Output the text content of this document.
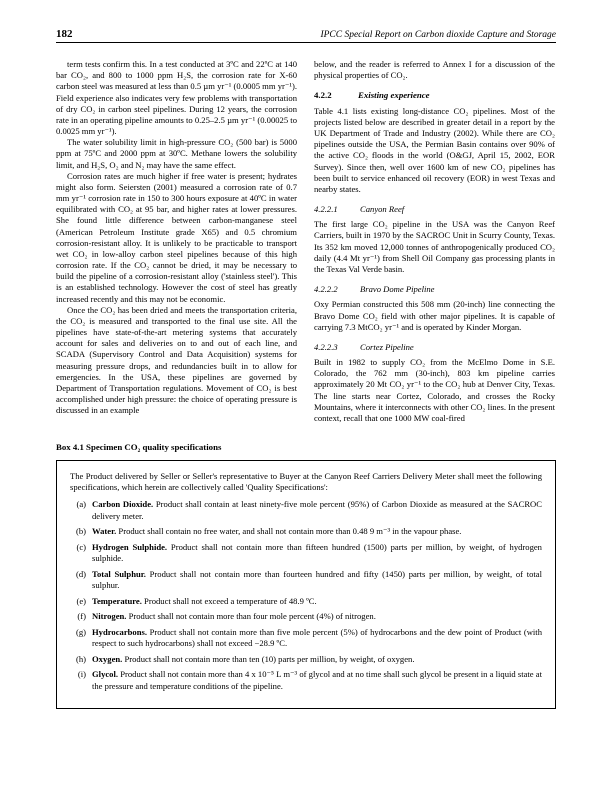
182	IPCC Special Report on Carbon dioxide Capture and Storage

term tests confirm this. In a test conducted at 3ºC and 22ºC at 140 bar CO₂, and 800 to 1000 ppm H₂S, the corrosion rate for X-60 carbon steel was measured at less than 0.5 µm yr⁻¹ (0.0005 mm yr⁻¹). Field experience also indicates very few problems with transportation of dry CO₂ in carbon steel pipelines. During 12 years, the corrosion rate in an operating pipeline amounts to 0.25–2.5 µm yr⁻¹ (0.00025 to 0.0025 mm yr⁻¹).

The water solubility limit in high-pressure CO₂ (500 bar) is 5000 ppm at 75ºC and 2000 ppm at 30ºC. Methane lowers the solubility limit, and H₂S, O₂ and N₂ may have the same effect.

Corrosion rates are much higher if free water is present; hydrates might also form. Seiersten (2001) measured a corrosion rate of 0.7 mm yr⁻¹ corrosion rate in 150 to 300 hours exposure at 40ºC in water equilibrated with CO₂ at 95 bar, and higher rates at lower pressures. She found little difference between carbon-manganese steel (American Petroleum Institute grade X65) and 0.5 chromium corrosion-resistant alloy. It is unlikely to be practicable to transport wet CO₂ in low-alloy carbon steel pipelines because of this high corrosion rate. If the CO₂ cannot be dried, it may be necessary to build the pipeline of a corrosion-resistant alloy ('stainless steel'). This is an established technology. However the cost of steel has greatly increased recently and this may not be economic.

Once the CO₂ has been dried and meets the transportation criteria, the CO₂ is measured and transported to the final use site. All the pipelines have state-of-the-art metering systems that accurately account for sales and deliveries on to and out of each line, and SCADA (Supervisory Control and Data Acquisition) systems for measuring pressure drops, and redundancies built in to allow for emergencies. In the USA, these pipelines are governed by Department of Transportation regulations. Movement of CO₂ is best accomplished under high pressure: the choice of operating pressure is discussed in an example

below, and the reader is referred to Annex I for a discussion of the physical properties of CO₂.

4.2.2	Existing experience

Table 4.1 lists existing long-distance CO₂ pipelines. Most of the projects listed below are described in greater detail in a report by the UK Department of Trade and Industry (2002). While there are CO₂ pipelines outside the USA, the Permian Basin contains over 90% of the active CO₂ floods in the world (O&GJ, April 15, 2002, EOR Survey). Since then, well over 1600 km of new CO₂ pipelines has been built to service enhanced oil recovery (EOR) in west Texas and nearby states.

4.2.2.1	Canyon Reef

The first large CO₂ pipeline in the USA was the Canyon Reef Carriers, built in 1970 by the SACROC Unit in Scurry County, Texas. Its 352 km moved 12,000 tonnes of anthropogenically produced CO₂ daily (4.4 Mt yr⁻¹) from Shell Oil Company gas processing plants in the Texas Val Verde basin.

4.2.2.2	Bravo Dome Pipeline

Oxy Permian constructed this 508 mm (20-inch) line connecting the Bravo Dome CO₂ field with other major pipelines. It is capable of carrying 7.3 MtCO₂ yr⁻¹ and is operated by Kinder Morgan.

4.2.2.3	Cortez Pipeline

Built in 1982 to supply CO₂ from the McElmo Dome in S.E. Colorado, the 762 mm (30-inch), 803 km pipeline carries approximately 20 Mt CO₂ yr⁻¹ to the CO₂ hub at Denver City, Texas. The line starts near Cortez, Colorado, and crosses the Rocky Mountains, where it interconnects with other CO₂ lines. In the present context, recall that one 1000 MW coal-fired

Box 4.1 Specimen CO₂ quality specifications

The Product delivered by Seller or Seller's representative to Buyer at the Canyon Reef Carriers Delivery Meter shall meet the following specifications, which herein are collectively called 'Quality Specifications':

(a) Carbon Dioxide. Product shall contain at least ninety-five mole percent (95%) of Carbon Dioxide as measured at the SACROC delivery meter.
(b) Water. Product shall contain no free water, and shall not contain more than 0.48 9 m⁻³ in the vapour phase.
(c) Hydrogen Sulphide. Product shall not contain more than fifteen hundred (1500) parts per million, by weight, of hydrogen sulphide.
(d) Total Sulphur. Product shall not contain more than fourteen hundred and fifty (1450) parts per million, by weight, of total sulphur.
(e) Temperature. Product shall not exceed a temperature of 48.9 ºC.
(f) Nitrogen. Product shall not contain more than four mole percent (4%) of nitrogen.
(g) Hydrocarbons. Product shall not contain more than five mole percent (5%) of hydrocarbons and the dew point of Product (with respect to such hydrocarbons) shall not exceed −28.9 ºC.
(h) Oxygen. Product shall not contain more than ten (10) parts per million, by weight, of oxygen.
(i) Glycol. Product shall not contain more than 4 x 10⁻⁵ L m⁻³ of glycol and at no time shall such glycol be present in a liquid state at the pressure and temperature conditions of the pipeline.
